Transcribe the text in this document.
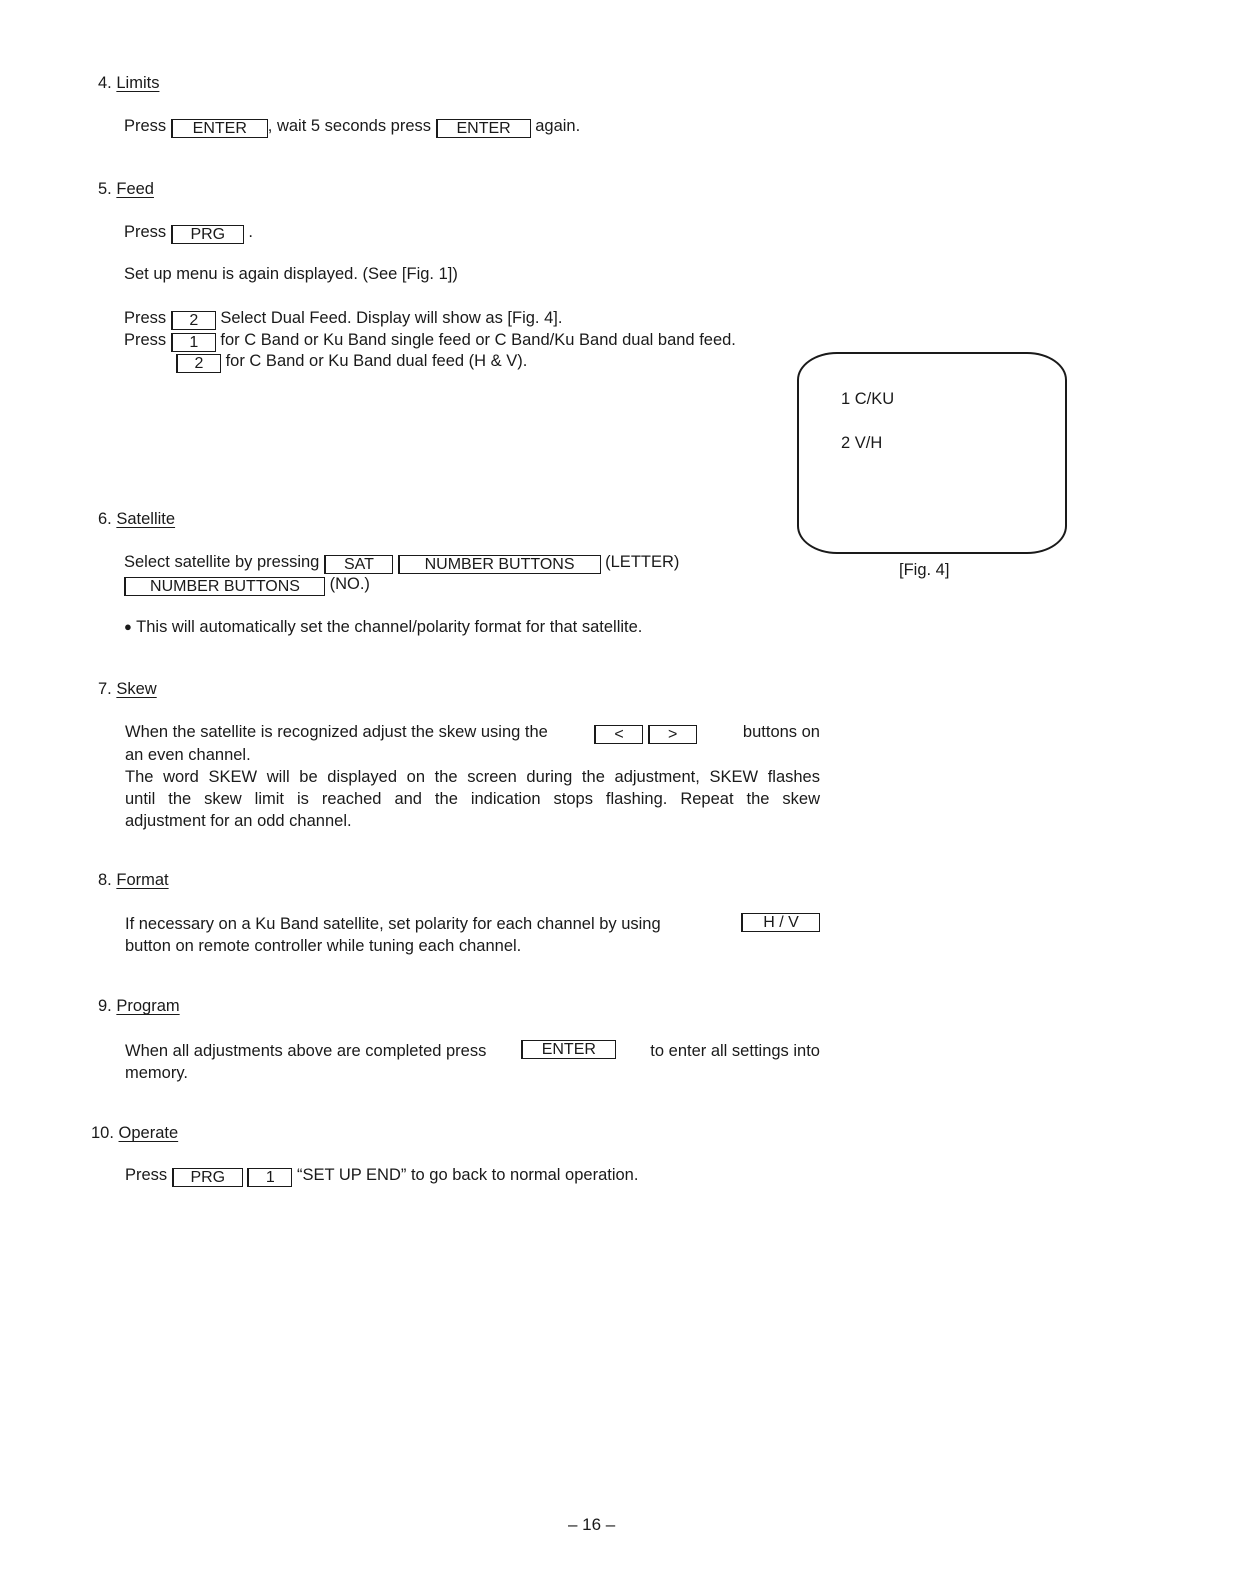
4. Limits
Press ENTER , wait 5 seconds press ENTER again.
5. Feed
Press PRG .
Set up menu is again displayed. (See [Fig. 1])
Press 2 Select Dual Feed. Display will show as [Fig. 4].
Press 1 for C Band or Ku Band single feed or C Band/Ku Band dual band feed.
2 for C Band or Ku Band dual feed (H & V).
1 C/KU
2 V/H
[Fig. 4]
6. Satellite
Select satellite by pressing SAT	NUMBER BUTTONS (LETTER)
NUMBER BUTTONS (NO.)
● This will automatically set the channel/polarity format for that satellite.
7. Skew
When the satellite is recognized adjust the skew using the	<	>	buttons on
an even channel.
The word SKEW will be displayed on the screen during the adjustment, SKEW flashes
until the skew limit is reached and the indication stops flashing. Repeat the skew
adjustment for an odd channel.
8. Format
If necessary on a Ku Band satellite, set polarity for each channel by using	H / V
button on remote controller while tuning each channel.
9. Program
When all adjustments above are completed press	ENTER	to enter all settings into
memory.
10. Operate
Press PRG	1 “SET UP END” to go back to normal operation.
– 16 –
